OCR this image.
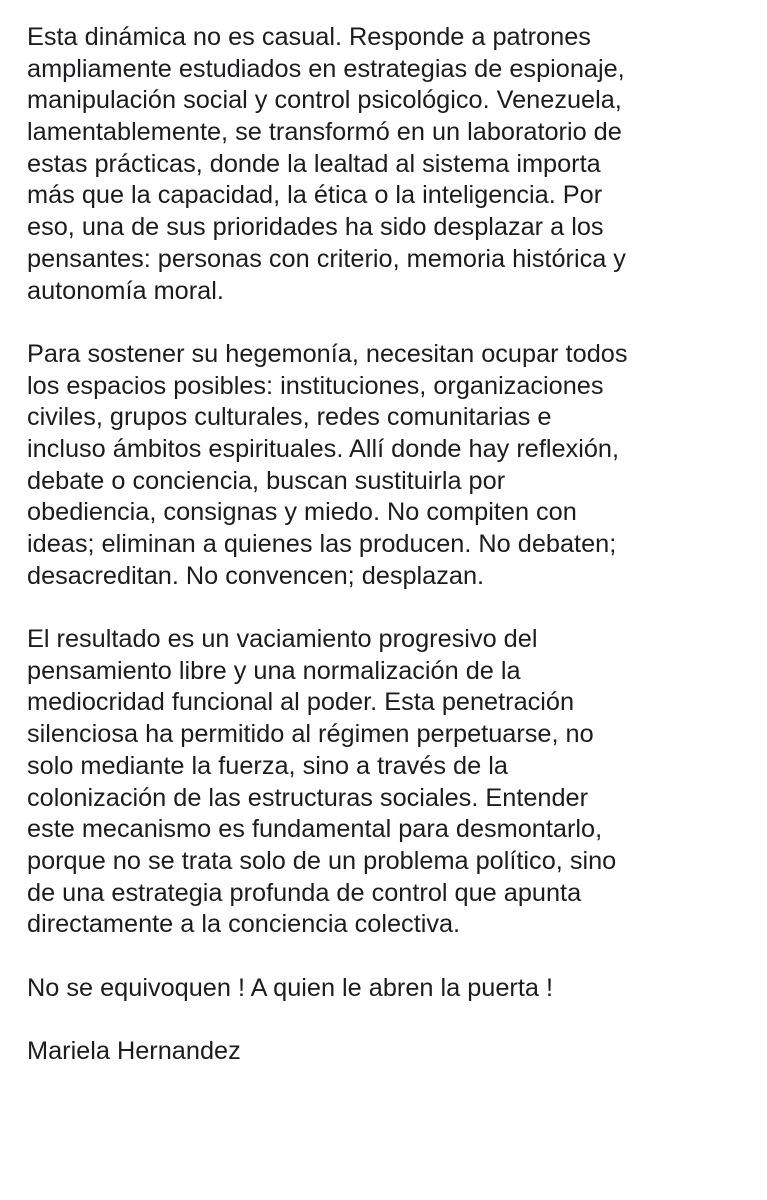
Esta dinámica no es casual. Responde a patrones
ampliamente estudiados en estrategias de espionaje,
manipulación social y control psicológico. Venezuela,
lamentablemente, se transformó en un laboratorio de
estas prácticas, donde la lealtad al sistema importa
más que la capacidad, la ética o la inteligencia. Por
eso, una de sus prioridades ha sido desplazar a los
pensantes: personas con criterio, memoria histórica y
autonomía moral.
Para sostener su hegemonía, necesitan ocupar todos
los espacios posibles: instituciones, organizaciones
civiles, grupos culturales, redes comunitarias e
incluso ámbitos espirituales. Allí donde hay reflexión,
debate o conciencia, buscan sustituirla por
obediencia, consignas y miedo. No compiten con
ideas; eliminan a quienes las producen. No debaten;
desacreditan. No convencen; desplazan.
El resultado es un vaciamiento progresivo del
pensamiento libre y una normalización de la
mediocridad funcional al poder. Esta penetración
silenciosa ha permitido al régimen perpetuarse, no
solo mediante la fuerza, sino a través de la
colonización de las estructuras sociales. Entender
este mecanismo es fundamental para desmontarlo,
porque no se trata solo de un problema político, sino
de una estrategia profunda de control que apunta
directamente a la conciencia colectiva.
No se equivoquen ! A quien le abren la puerta !
Mariela Hernandez
